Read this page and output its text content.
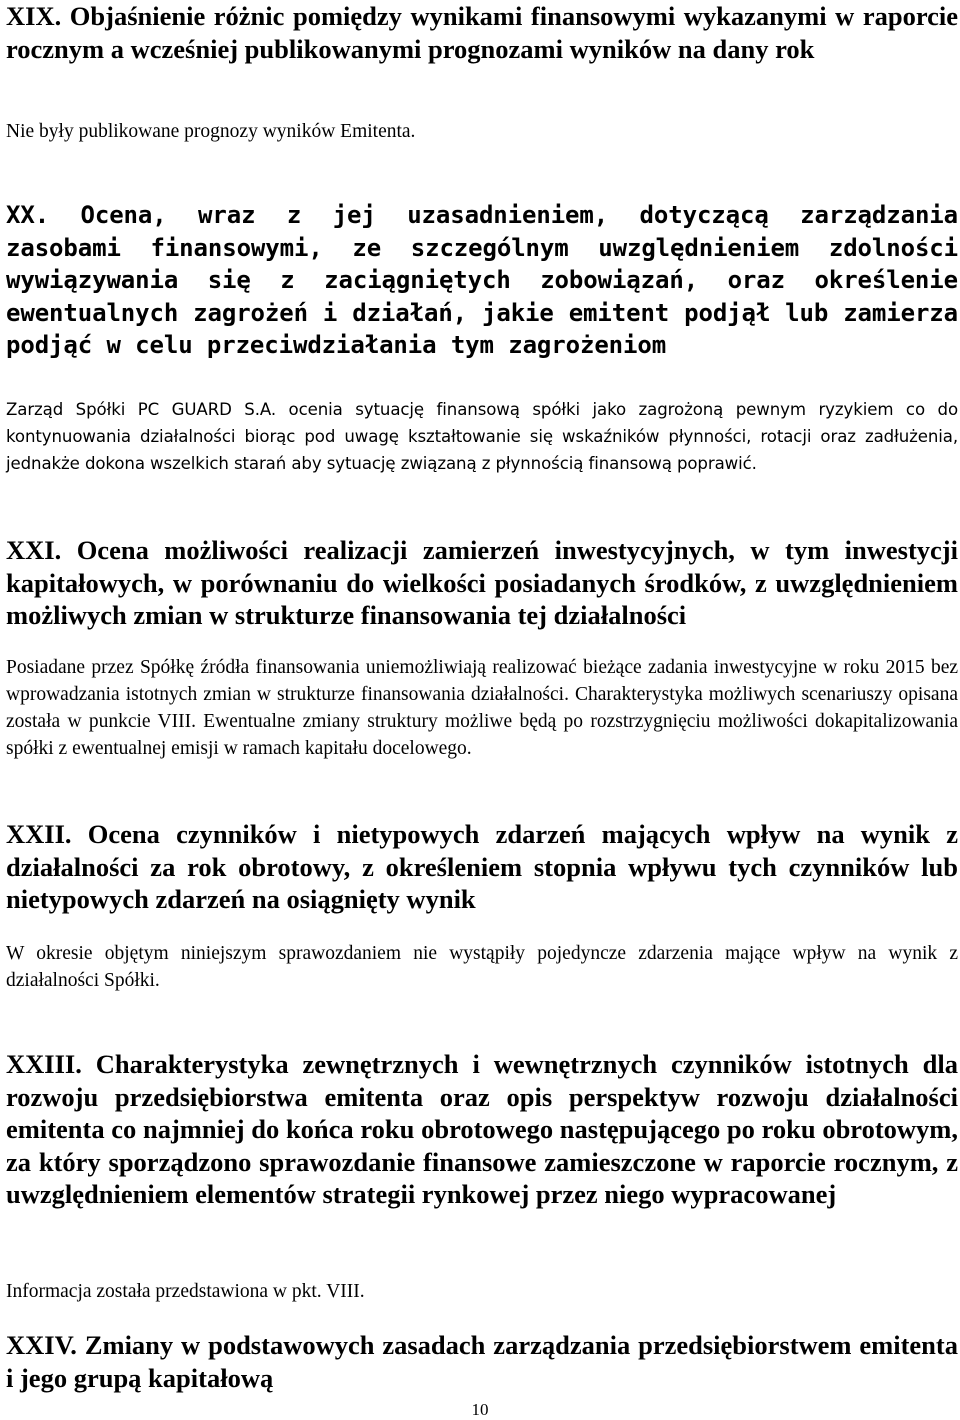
XIX. Objaśnienie różnic pomiędzy wynikami finansowymi wykazanymi w raporcie rocznym a wcześniej publikowanymi prognozami wyników na dany rok

Nie były publikowane prognozy wyników Emitenta.

XX. Ocena, wraz z jej uzasadnieniem, dotyczącą zarządzania zasobami finansowymi, ze szczególnym uwzględnieniem zdolności wywiązywania się z zaciągniętych zobowiązań, oraz określenie ewentualnych zagrożeń i działań, jakie emitent podjął lub zamierza podjąć w celu przeciwdziałania tym zagrożeniom

Zarząd Spółki PC GUARD S.A. ocenia sytuację finansową spółki jako zagrożoną pewnym ryzykiem co do kontynuowania działalności biorąc pod uwagę kształtowanie się wskaźników płynności, rotacji oraz zadłużenia, jednakże dokona wszelkich starań aby sytuację związaną z płynnością finansową poprawić.

XXI. Ocena możliwości realizacji zamierzeń inwestycyjnych, w tym inwestycji kapitałowych, w porównaniu do wielkości posiadanych środków, z uwzględnieniem możliwych zmian w strukturze finansowania tej działalności

Posiadane przez Spółkę źródła finansowania uniemożliwiają realizować bieżące zadania inwestycyjne w roku 2015 bez wprowadzania istotnych zmian w strukturze finansowania działalności. Charakterystyka możliwych scenariuszy opisana została w punkcie VIII. Ewentualne zmiany struktury możliwe będą po rozstrzygnięciu możliwości dokapitalizowania spółki z ewentualnej emisji w ramach kapitału docelowego.

XXII. Ocena czynników i nietypowych zdarzeń mających wpływ na wynik z działalności za rok obrotowy, z określeniem stopnia wpływu tych czynników lub nietypowych zdarzeń na osiągnięty wynik

W okresie objętym niniejszym sprawozdaniem nie wystąpiły pojedyncze zdarzenia mające wpływ na wynik z działalności Spółki.

XXIII. Charakterystyka zewnętrznych i wewnętrznych czynników istotnych dla rozwoju przedsiębiorstwa emitenta oraz opis perspektyw rozwoju działalności emitenta co najmniej do końca roku obrotowego następującego po roku obrotowym, za który sporządzono sprawozdanie finansowe zamieszczone w raporcie rocznym, z uwzględnieniem elementów strategii rynkowej przez niego wypracowanej

Informacja została przedstawiona w pkt. VIII.

XXIV. Zmiany w podstawowych zasadach zarządzania przedsiębiorstwem emitenta i jego grupą kapitałową

10
